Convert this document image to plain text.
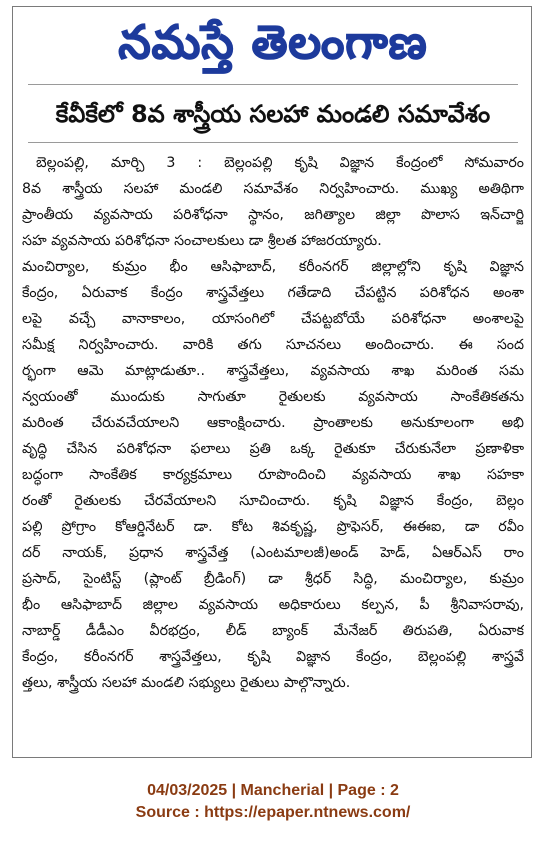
నమస్తే తెలంగాణ
కేవీకేలో 8వ శాస్త్రీయ సలహా మండలి సమావేశం
బెల్లంపల్లి, మార్చి 3 : బెల్లంపల్లి కృషి విజ్ఞాన కేంద్రంలో సోమవారం
8వ శాస్త్రీయ సలహా మండలి సమావేశం నిర్వహించారు. ముఖ్య అతిథిగా
ప్రాంతీయ వ్యవసాయ పరిశోధనా స్థానం, జగిత్యాల జిల్లా పొలాస ఇన్‌చార్జి
సహ వ్యవసాయ పరిశోధనా సంచాలకులు డా శ్రీలత హాజరయ్యారు.
మంచిర్యాల, కుమ్రం భీం ఆసిఫాబాద్, కరీంనగర్ జిల్లాల్లోని కృషి విజ్ఞాన
కేంద్రం, ఏరువాక కేంద్రం శాస్త్రవేత్తలు గతేడాది చేపట్టిన పరిశోధన అంశా
లపై వచ్చే వానాకాలం, యాసంగిలో చేపట్టబోయే పరిశోధనా అంశాలపై
సమీక్ష నిర్వహించారు. వారికి తగు సూచనలు అందించారు. ఈ సంద
ర్భంగా ఆమె మాట్లాడుతూ.. శాస్త్రవేత్తలు, వ్యవసాయ శాఖ మరింత సమ
న్వయంతో ముందుకు సాగుతూ రైతులకు వ్యవసాయ సాంకేతికతను
మరింత చేరువచేయాలని ఆకాంక్షించారు. ప్రాంతాలకు అనుకూలంగా అభి
వృద్ధి చేసిన పరిశోధనా ఫలాలు ప్రతి ఒక్క రైతుకూ చేరుకునేలా ప్రణాళికా
బద్ధంగా సాంకేతిక కార్యక్రమాలు రూపొందించి వ్యవసాయ శాఖ సహకా
రంతో రైతులకు చేరవేయాలని సూచించారు. కృషి విజ్ఞాన కేంద్రం, బెల్లం
పల్లి ప్రోగ్రాం కోఆర్డినేటర్ డా. కోట శివకృష్ణ, ప్రొఫెసర్, ఈఈఐ, డా రవీం
దర్ నాయక్, ప్రధాన శాస్త్రవేత్త (ఎంటమాలజీ)అండ్ హెడ్, ఏఆర్ఎస్ రాం
ప్రసాద్, సైంటిస్ట్ (ప్లాంట్ బ్రీడింగ్) డా శ్రీధర్ సిద్ధి, మంచిర్యాల, కుమ్రం
భీం ఆసిఫాబాద్ జిల్లాల వ్యవసాయ అధికారులు కల్పన, పీ శ్రీనివాసరావు,
నాబార్డ్ డీడీఎం వీరభద్రం, లీడ్ బ్యాంక్ మేనేజర్ తిరుపతి, ఏరువాక
కేంద్రం, కరీంనగర్ శాస్త్రవేత్తలు, కృషి విజ్ఞాన కేంద్రం, బెల్లంపల్లి శాస్త్రవే
త్తలు, శాస్త్రీయ సలహా మండలి సభ్యులు రైతులు పాల్గొన్నారు.
04/03/2025 | Mancherial | Page : 2
Source : https://epaper.ntnews.com/
